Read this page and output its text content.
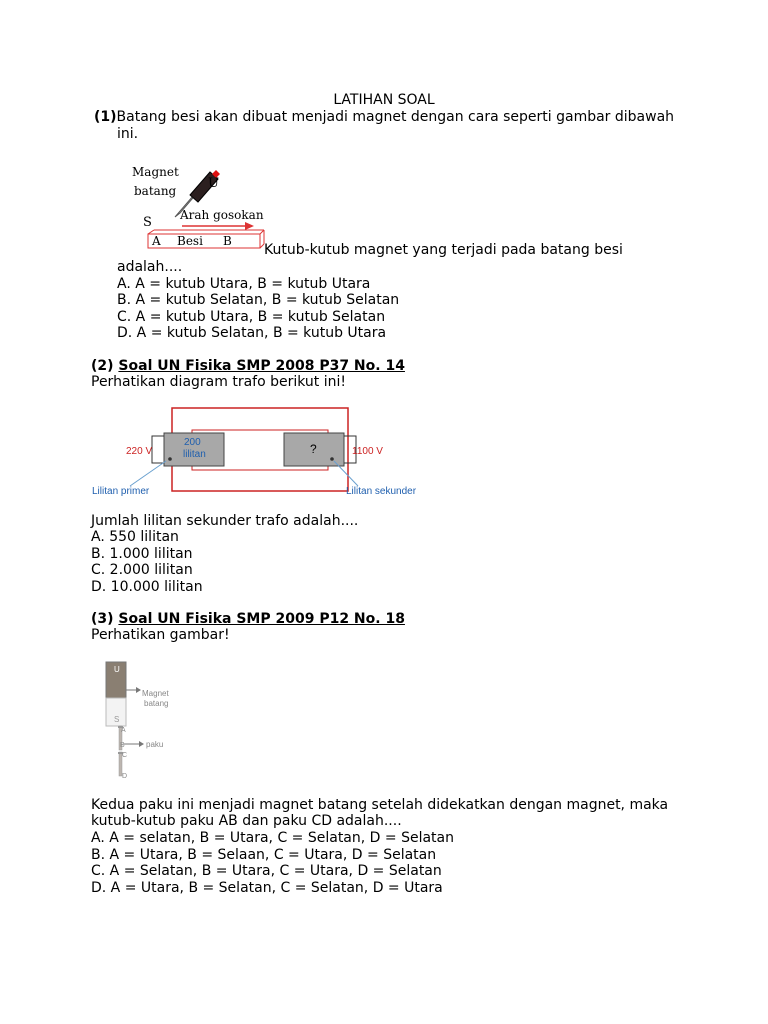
LATIHAN SOAL
(1)Batang besi akan dibuat menjadi magnet dengan cara seperti gambar dibawah
ini.
Magnet
batang U
S Arah gosokan
A Besi B
Kutub-kutub magnet yang terjadi pada batang besi
adalah....
A. A = kutub Utara, B = kutub Utara
B. A = kutub Selatan, B = kutub Selatan
C. A = kutub Utara, B = kutub Selatan
D. A = kutub Selatan, B = kutub Utara
(2) Soal UN Fisika SMP 2008 P37 No. 14
Perhatikan diagram trafo berikut ini!
220 V
200
lilitan	?	1100 V
Lilitan primer	Lilitan sekunder
Jumlah lilitan sekunder trafo adalah....
A. 550 lilitan
B. 1.000 lilitan
C. 2.000 lilitan
D. 10.000 lilitan
(3) Soal UN Fisika SMP 2009 P12 No. 18
Perhatikan gambar!
U
S
Magnet
batang
A
B
C
D
paku
Kedua paku ini menjadi magnet batang setelah didekatkan dengan magnet, maka
kutub-kutub paku AB dan paku CD adalah....
A. A = selatan, B = Utara, C = Selatan, D = Selatan
B. A = Utara, B = Selaan, C = Utara, D = Selatan
C. A = Selatan, B = Utara, C = Utara, D = Selatan
D. A = Utara, B = Selatan, C = Selatan, D = Utara
